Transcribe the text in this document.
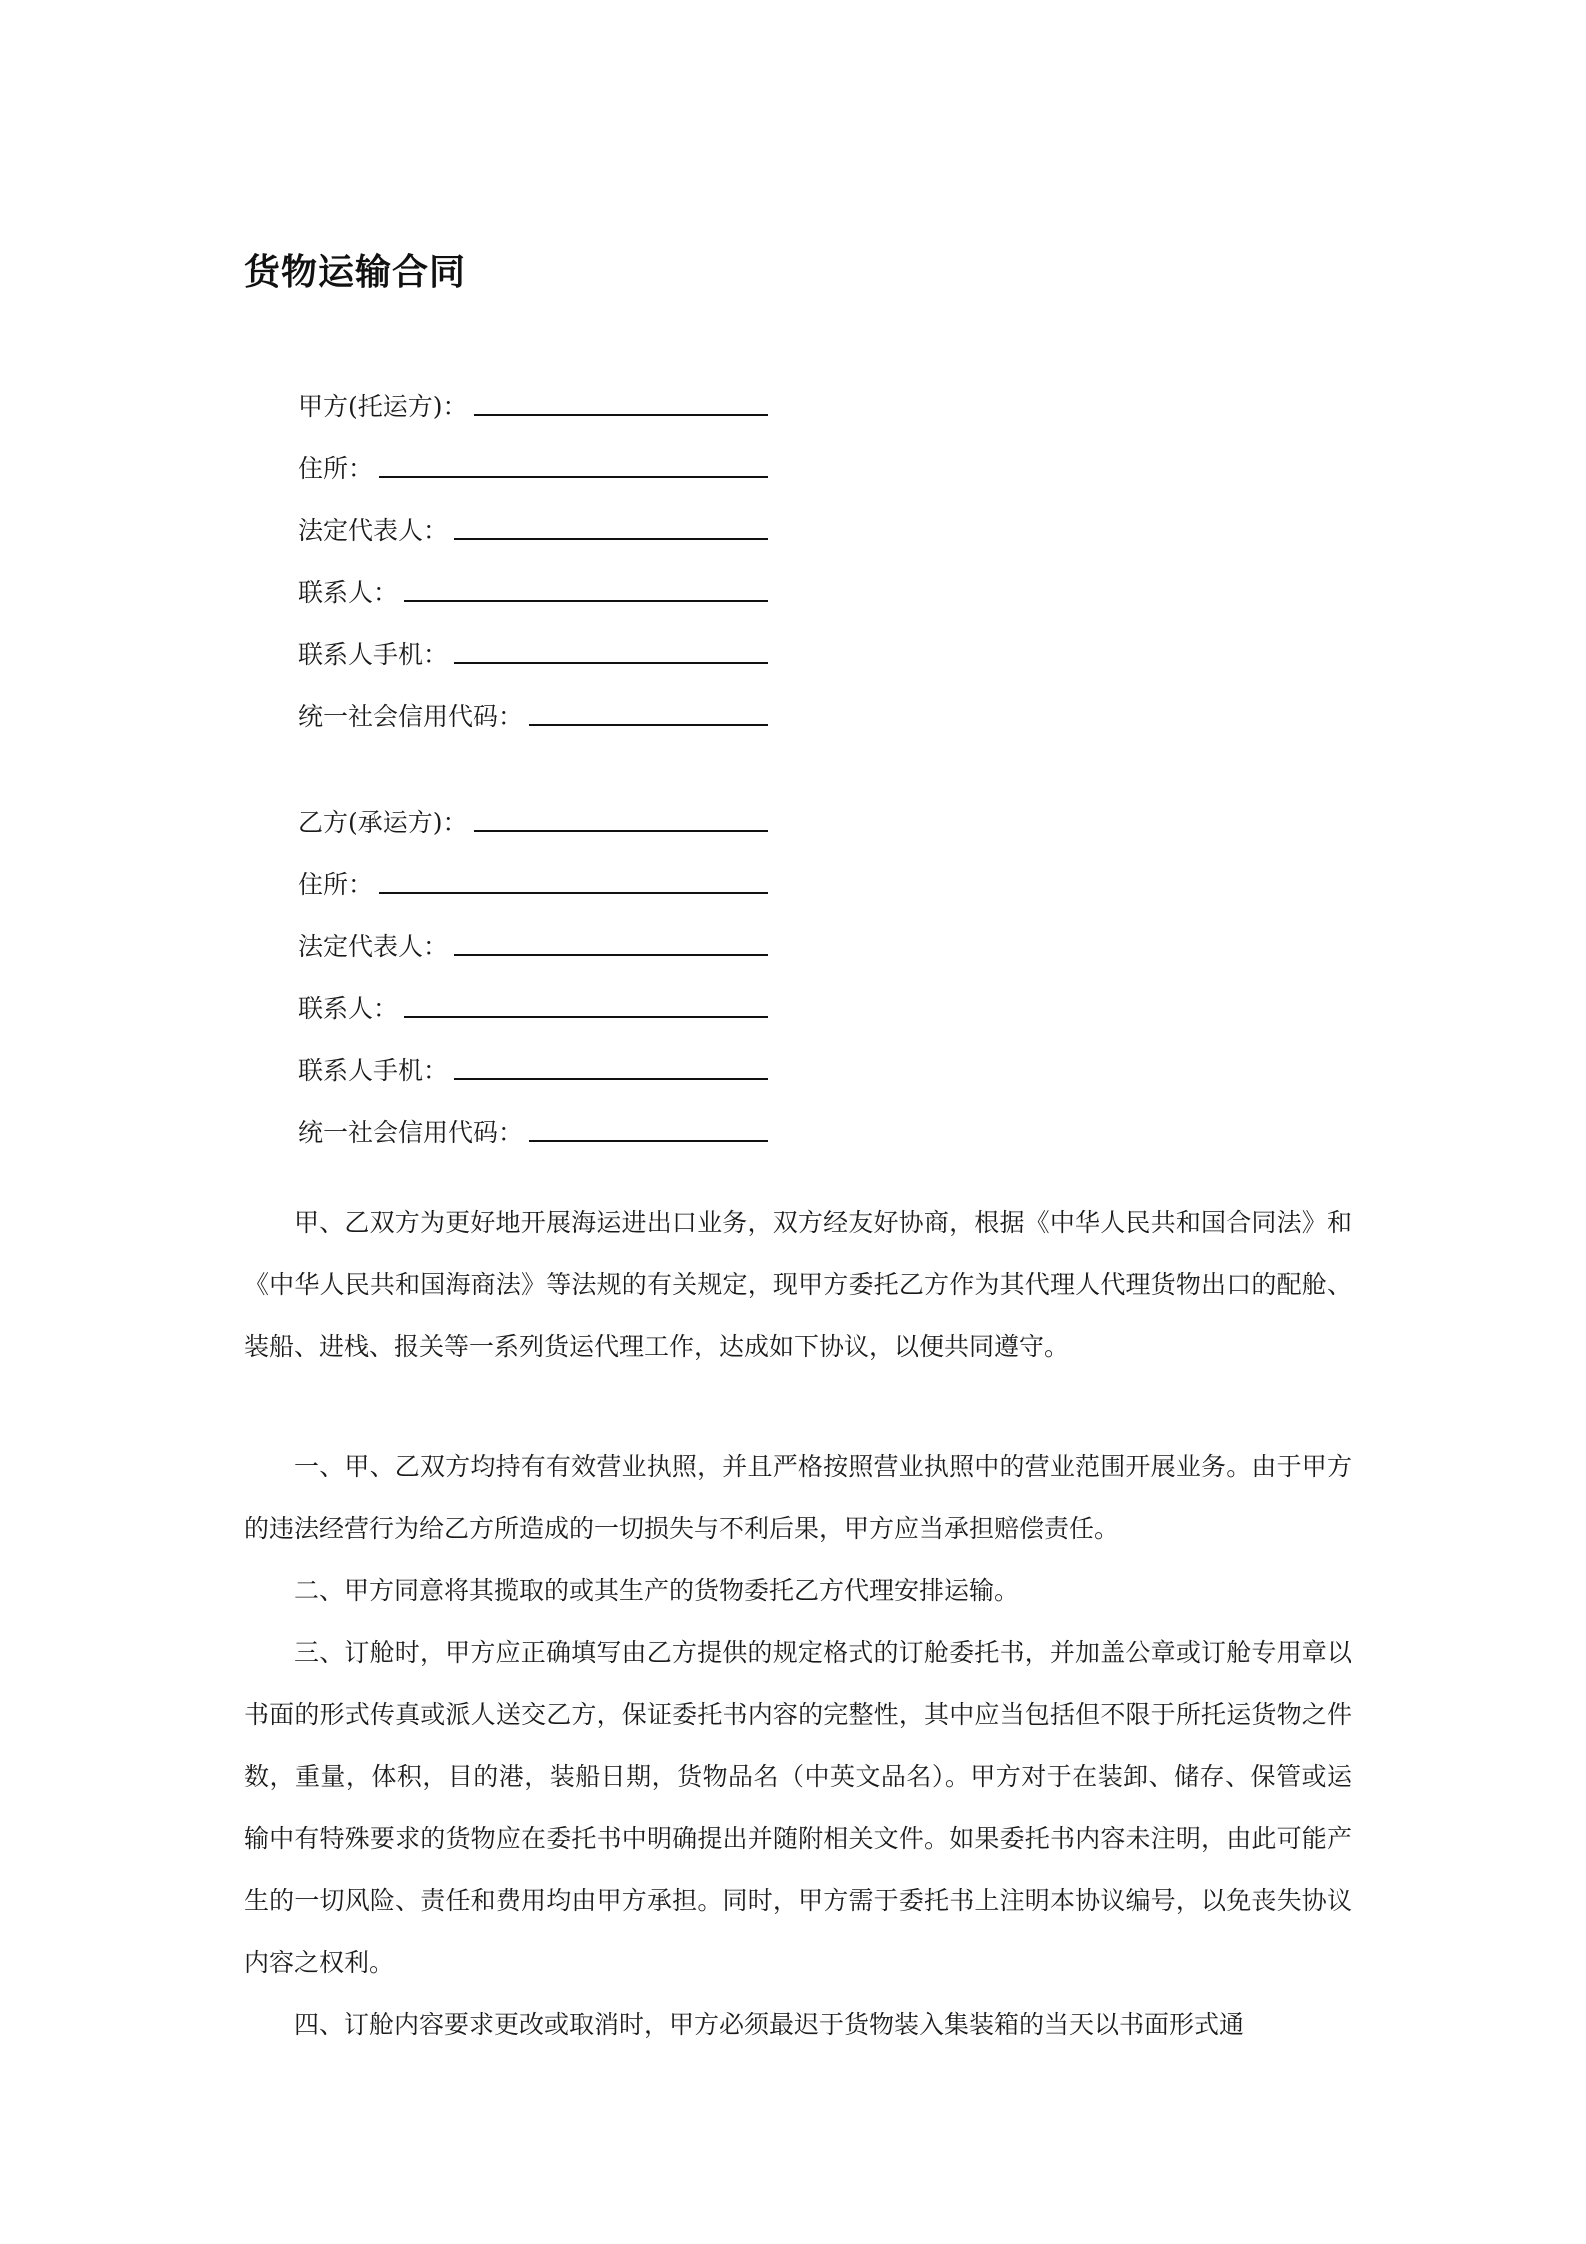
货物运输合同
甲方(托运方)：
住所：
法定代表人：
联系人：
联系人手机：
统一社会信用代码：
乙方(承运方)：
住所：
法定代表人：
联系人：
联系人手机：
统一社会信用代码：

甲、乙双方为更好地开展海运进出口业务，双方经友好协商，根据《中华人民共和国合同法》和《中华人民共和国海商法》等法规的有关规定，现甲方委托乙方作为其代理人代理货物出口的配舱、装船、进栈、报关等一系列货运代理工作，达成如下协议，以便共同遵守。

一、甲、乙双方均持有有效营业执照，并且严格按照营业执照中的营业范围开展业务。由于甲方的违法经营行为给乙方所造成的一切损失与不利后果，甲方应当承担赔偿责任。

二、甲方同意将其揽取的或其生产的货物委托乙方代理安排运输。

三、订舱时，甲方应正确填写由乙方提供的规定格式的订舱委托书，并加盖公章或订舱专用章以书面的形式传真或派人送交乙方，保证委托书内容的完整性，其中应当包括但不限于所托运货物之件数，重量，体积，目的港，装船日期，货物品名（中英文品名）。甲方对于在装卸、储存、保管或运输中有特殊要求的货物应在委托书中明确提出并随附相关文件。如果委托书内容未注明，由此可能产生的一切风险、责任和费用均由甲方承担。同时，甲方需于委托书上注明本协议编号，以免丧失协议内容之权利。

四、订舱内容要求更改或取消时，甲方必须最迟于货物装入集装箱的当天以书面形式通
